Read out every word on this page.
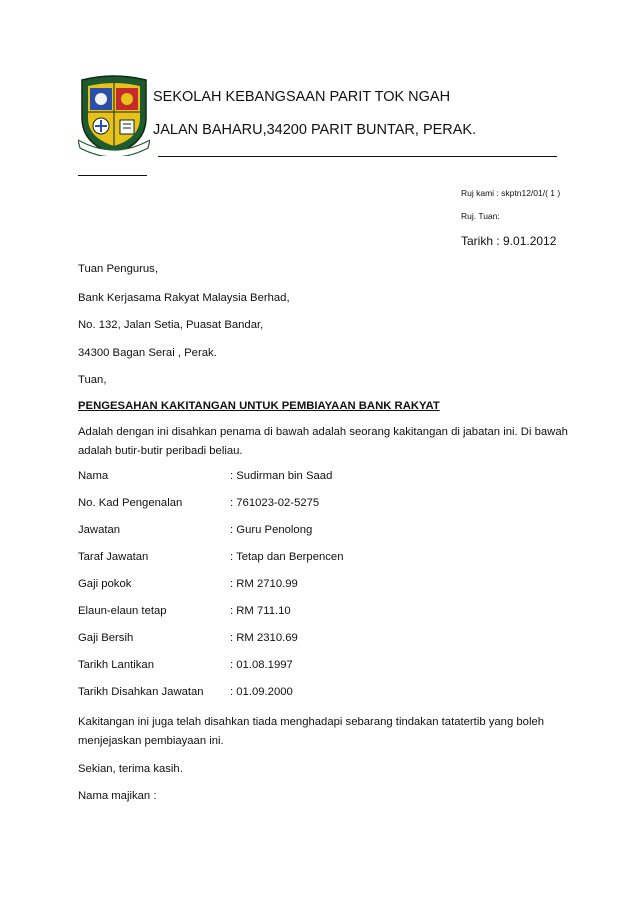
SEKOLAH KEBANGSAAN PARIT TOK NGAH
JALAN BAHARU,34200 PARIT BUNTAR, PERAK.
Ruj kami : skptn12/01/( 1 )
Ruj. Tuan:
Tarikh : 9.01.2012
Tuan Pengurus,
Bank Kerjasama Rakyat Malaysia Berhad,
No. 132, Jalan Setia, Puasat Bandar,
34300 Bagan Serai , Perak.
Tuan,
PENGESAHAN KAKITANGAN UNTUK PEMBIAYAAN BANK RAKYAT
Adalah dengan ini disahkan penama di bawah adalah seorang kakitangan di jabatan ini. Di bawah
adalah butir-butir peribadi beliau.
Nama	: Sudirman bin Saad
No. Kad Pengenalan	: 761023-02-5275
Jawatan	: Guru Penolong
Taraf Jawatan	: Tetap dan Berpencen
Gaji pokok	: RM 2710.99
Elaun-elaun tetap	: RM 711.10
Gaji Bersih	: RM 2310.69
Tarikh Lantikan	: 01.08.1997
Tarikh Disahkan Jawatan : 01.09.2000
Kakitangan ini juga telah disahkan tiada menghadapi sebarang tindakan tatatertib yang boleh
menjejaskan pembiayaan ini.
Sekian, terima kasih.
Nama majikan :
